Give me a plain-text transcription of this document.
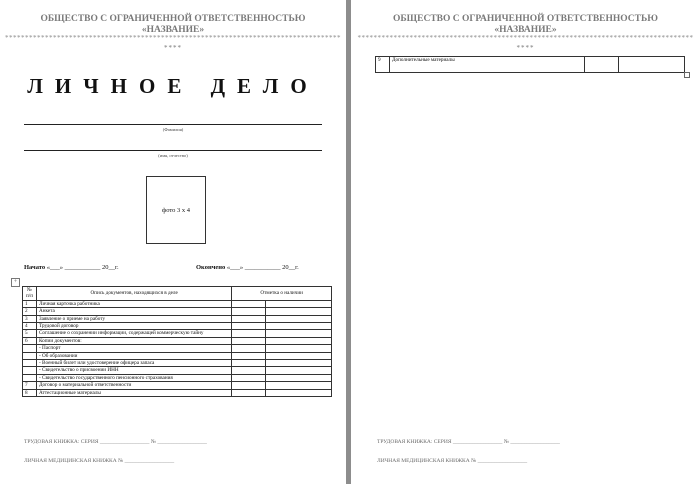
ОБЩЕСТВО С ОГРАНИЧЕННОЙ ОТВЕТСТВЕННОСТЬЮ
«НАЗВАНИЕ»
************************************************************************************
****
ЛИЧНОЕ ДЕЛО
(Фамилия)
(имя, отчество)
фото 3 х 4
Начато «___» ___________ 20__г.	Окончено «___» ___________ 20__г.
+
№ п/п	Опись документов, находящихся в деле	Отметка о наличии	
1	Личная карточка работника		
2	Анкета		
3	Заявление о приеме на работу		
4	Трудовой договор		
5	Соглашение о сохранении информации, содержащей коммерческую тайну		
6	Копии документов:		
	- Паспорт		
	- Об образовании		
	- Военный билет или удостоверение офицера запаса		
	- Свидетельство о присвоении ИНН		
	- Свидетельство государственного пенсионного страхования		
7	Договор о материальной ответственности		
8	Аттестационные материалы		
ТРУДОВАЯ КНИЖКА: СЕРИЯ __________________ № __________________
ЛИЧНАЯ МЕДИЦИНСКАЯ КНИЖКА № __________________
ОБЩЕСТВО С ОГРАНИЧЕННОЙ ОТВЕТСТВЕННОСТЬЮ
«НАЗВАНИЕ»
************************************************************************************
****
9	Дополнительные материалы		
ТРУДОВАЯ КНИЖКА: СЕРИЯ __________________ № __________________
ЛИЧНАЯ МЕДИЦИНСКАЯ КНИЖКА № __________________
